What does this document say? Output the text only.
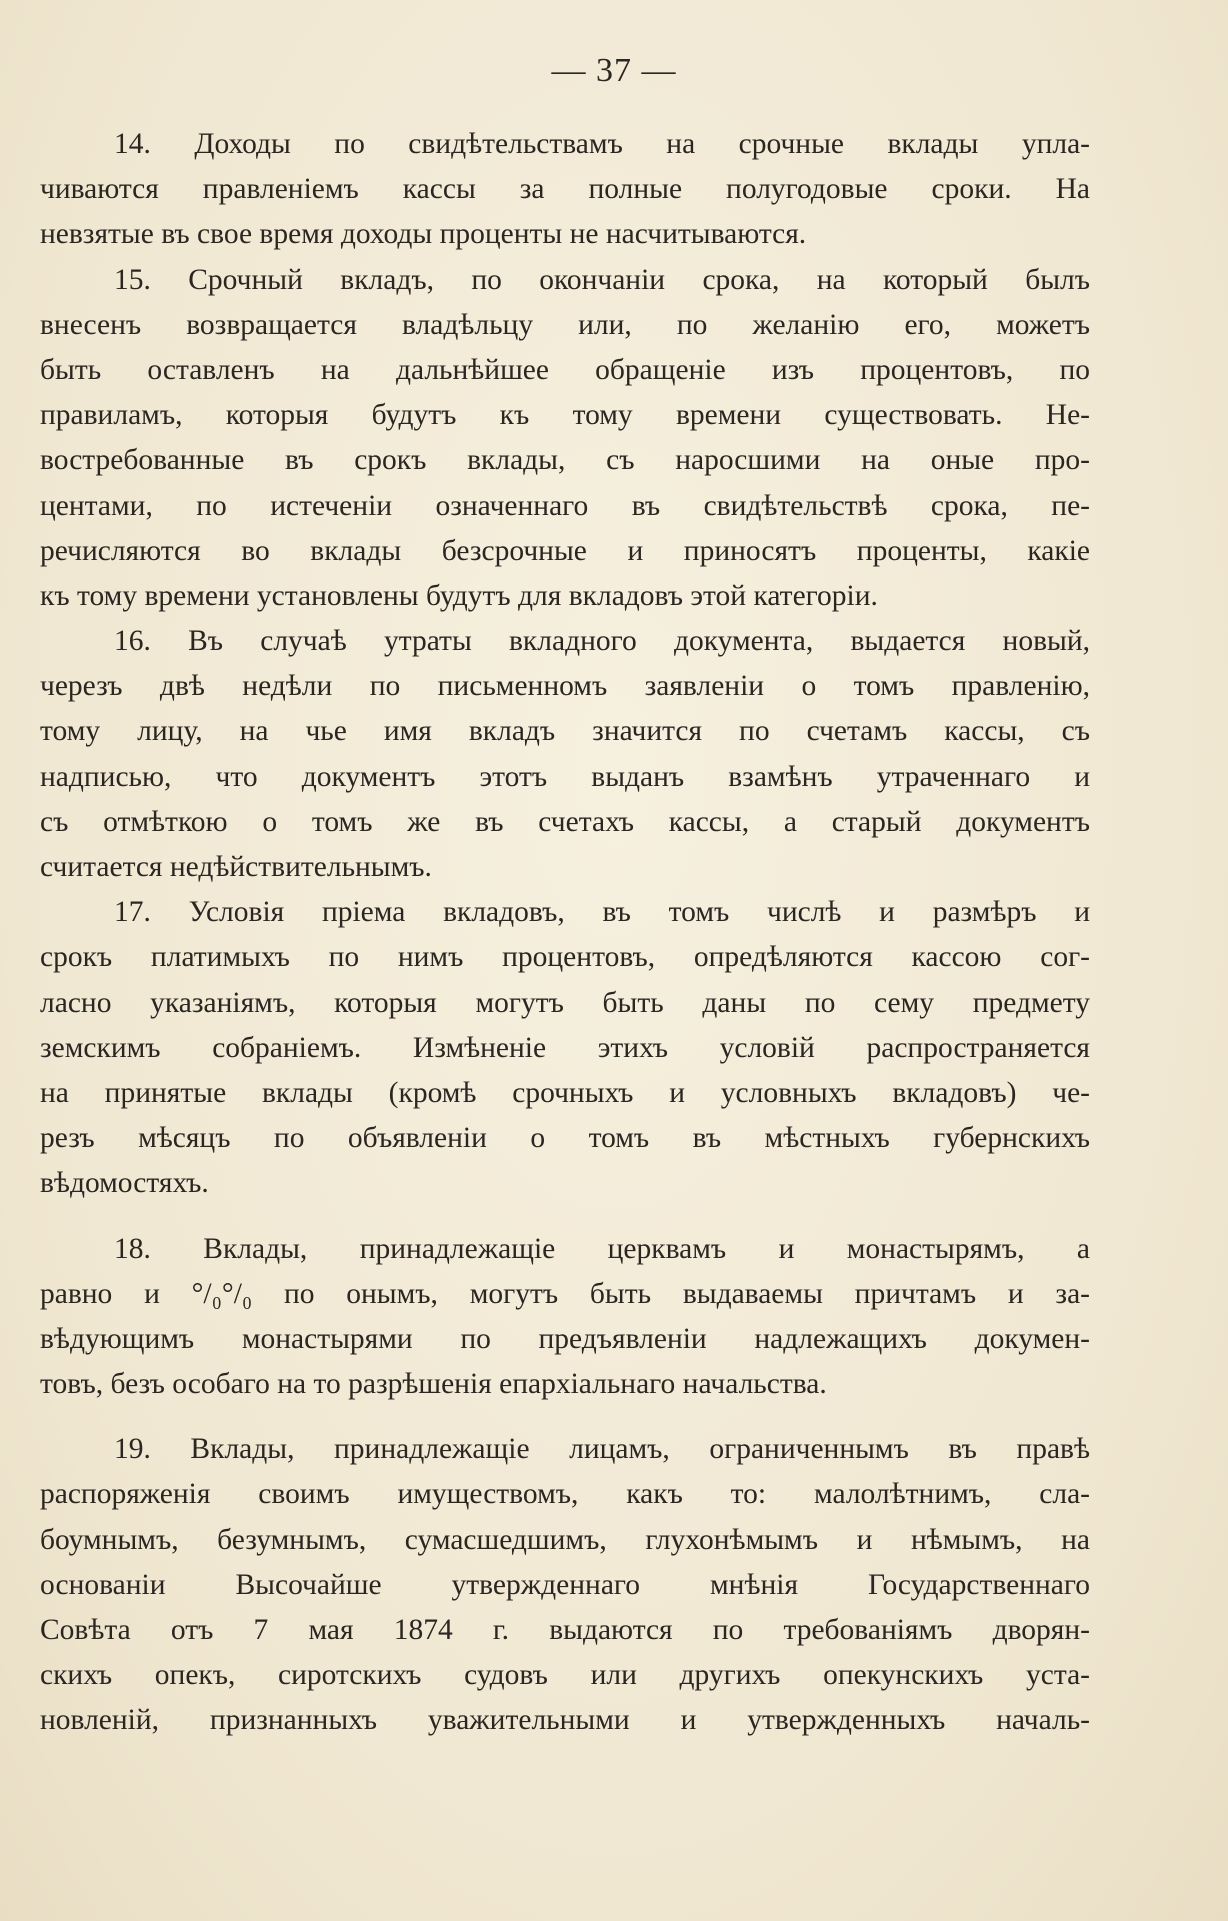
— 37 —
14. Доходы по свидѣтельствамъ на срочные вклады упла-
чиваются правленіемъ кассы за полные полугодовые сроки. На
невзятые въ свое время доходы проценты не насчитываются.
15. Срочный вкладъ, по окончаніи срока, на который былъ
внесенъ возвращается владѣльцу или, по желанію его, можетъ
быть оставленъ на дальнѣйшее обращеніе изъ процентовъ, по
правиламъ, которыя будутъ къ тому времени существовать. Не-
востребованные въ срокъ вклады, съ наросшими на оные про-
центами, по истеченіи означеннаго въ свидѣтельствѣ срока, пе-
речисляются во вклады безсрочные и приносятъ проценты, какіе
къ тому времени установлены будутъ для вкладовъ этой категоріи.
16. Въ случаѣ утраты вкладного документа, выдается новый,
черезъ двѣ недѣли по письменномъ заявленіи о томъ правленію,
тому лицу, на чье имя вкладъ значится по счетамъ кассы, съ
надписью, что документъ этотъ выданъ взамѣнъ утраченнаго и
съ отмѣткою о томъ же въ счетахъ кассы, а старый документъ
считается недѣйствительнымъ.
17. Условія пріема вкладовъ, въ томъ числѣ и размѣръ и
срокъ платимыхъ по нимъ процентовъ, опредѣляются кассою сог-
ласно указаніямъ, которыя могутъ быть даны по сему предмету
земскимъ собраніемъ. Измѣненіе этихъ условій распространяется
на принятые вклады (кромѣ срочныхъ и условныхъ вкладовъ) че-
резъ мѣсяцъ по объявленіи о томъ въ мѣстныхъ губернскихъ
вѣдомостяхъ.
18. Вклады, принадлежащіе церквамъ и монастырямъ, а
равно и °/₀°/₀ по онымъ, могутъ быть выдаваемы причтамъ и за-
вѣдующимъ монастырями по предъявленіи надлежащихъ докумен-
товъ, безъ особаго на то разрѣшенія епархіальнаго начальства.
19. Вклады, принадлежащіе лицамъ, ограниченнымъ въ правѣ
распоряженія своимъ имуществомъ, какъ то: малолѣтнимъ, сла-
боумнымъ, безумнымъ, сумасшедшимъ, глухонѣмымъ и нѣмымъ, на
основаніи Высочайше утвержденнаго мнѣнія Государственнаго
Совѣта отъ 7 мая 1874 г. выдаются по требованіямъ дворян-
скихъ опекъ, сиротскихъ судовъ или другихъ опекунскихъ уста-
новленій, признанныхъ уважительными и утвержденныхъ началь-
